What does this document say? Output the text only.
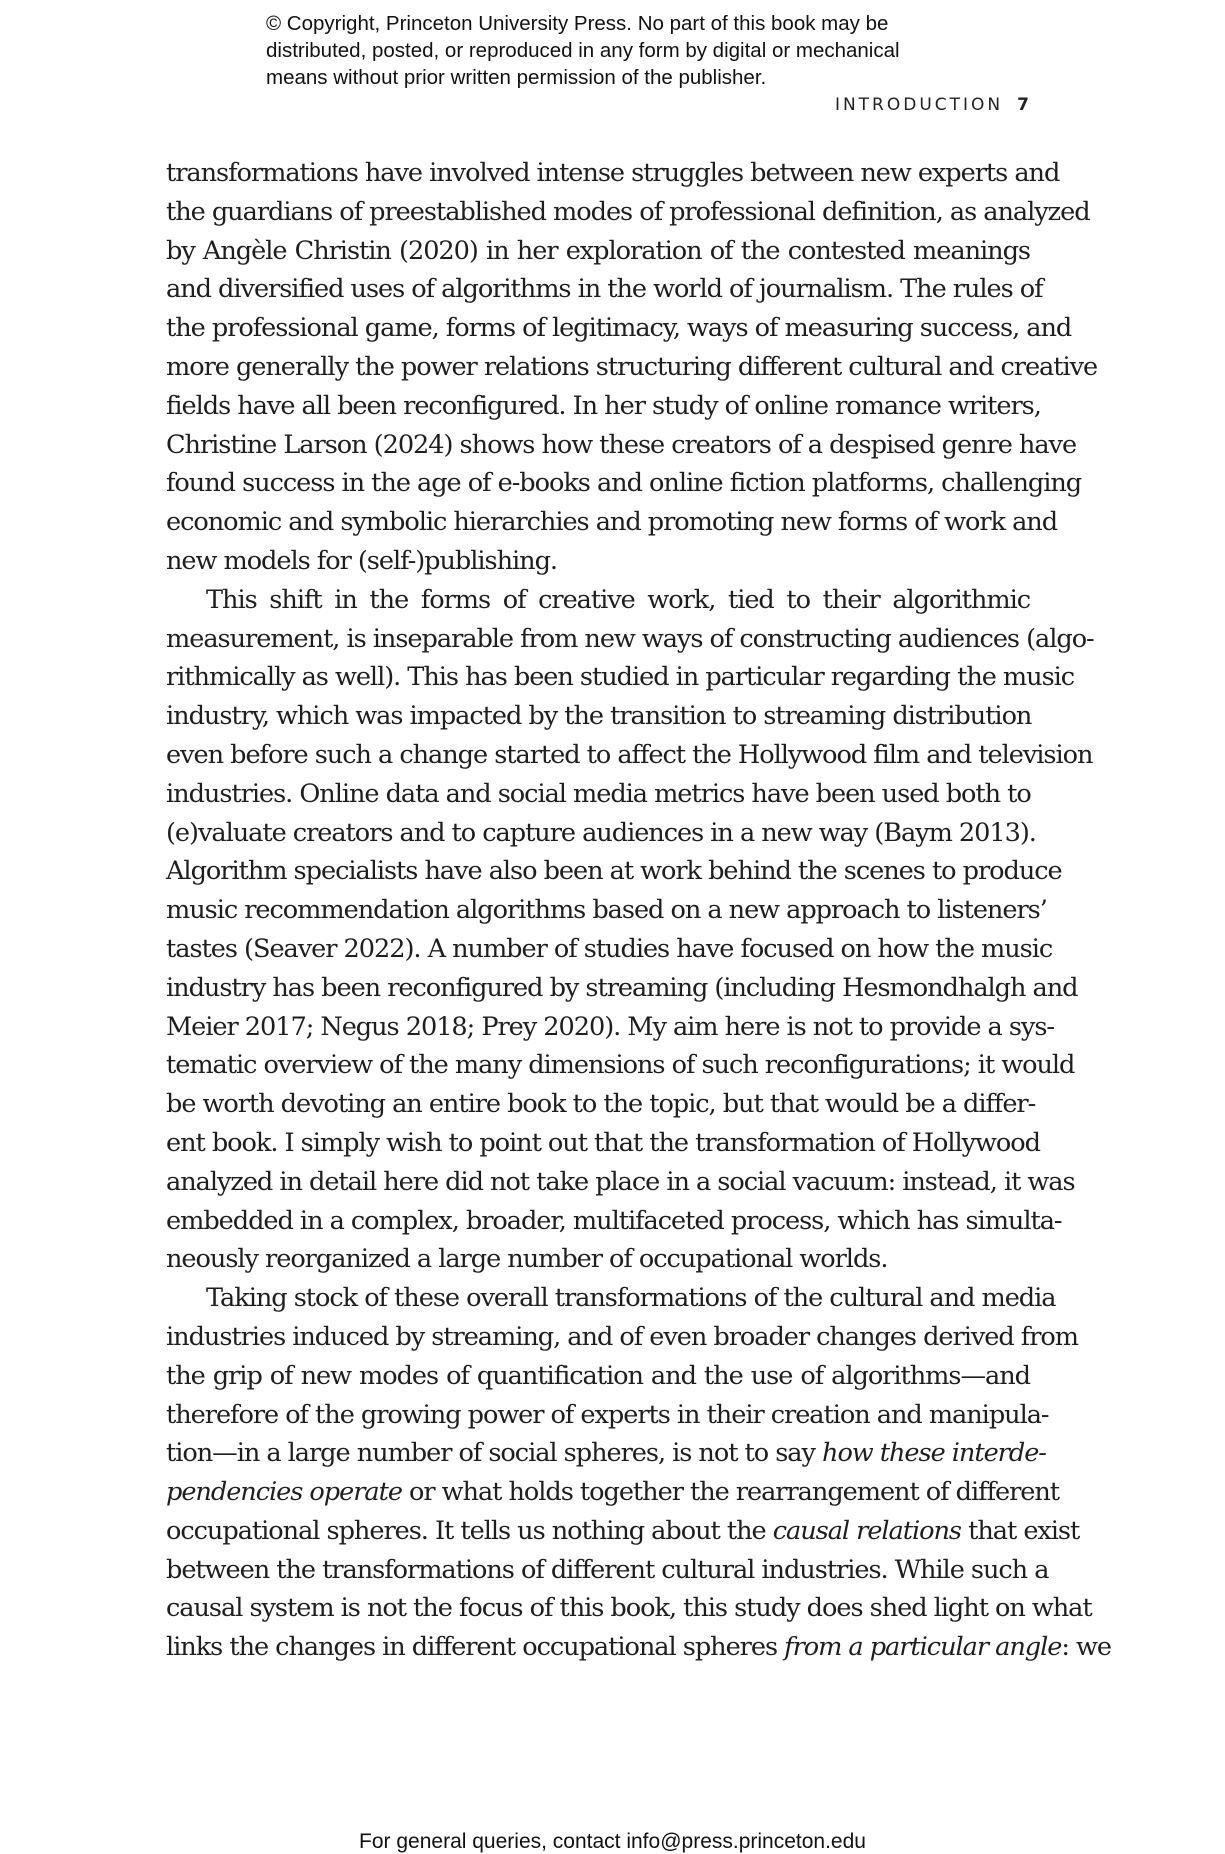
© Copyright, Princeton University Press. No part of this book may be
distributed, posted, or reproduced in any form by digital or mechanical
means without prior written permission of the publisher.
INTRODUCTION 7
transformations have involved intense struggles between new experts and
the guardians of preestablished modes of professional definition, as analyzed
by Angèle Christin (2020) in her exploration of the contested meanings
and diversified uses of algorithms in the world of journalism. The rules of
the professional game, forms of legitimacy, ways of measuring success, and
more generally the power relations structuring different cultural and creative
fields have all been reconfigured. In her study of online romance writers,
Christine Larson (2024) shows how these creators of a despised genre have
found success in the age of e-books and online fiction platforms, challenging
economic and symbolic hierarchies and promoting new forms of work and
new models for (self-)publishing.
This shift in the forms of creative work, tied to their algorithmic
measurement, is inseparable from new ways of constructing audiences (algo-
rithmically as well). This has been studied in particular regarding the music
industry, which was impacted by the transition to streaming distribution
even before such a change started to affect the Hollywood film and television
industries. Online data and social media metrics have been used both to
(e)valuate creators and to capture audiences in a new way (Baym 2013).
Algorithm specialists have also been at work behind the scenes to produce
music recommendation algorithms based on a new approach to listeners’
tastes (Seaver 2022). A number of studies have focused on how the music
industry has been reconfigured by streaming (including Hesmondhalgh and
Meier 2017; Negus 2018; Prey 2020). My aim here is not to provide a sys-
tematic overview of the many dimensions of such reconfigurations; it would
be worth devoting an entire book to the topic, but that would be a differ-
ent book. I simply wish to point out that the transformation of Hollywood
analyzed in detail here did not take place in a social vacuum: instead, it was
embedded in a complex, broader, multifaceted process, which has simulta-
neously reorganized a large number of occupational worlds.
Taking stock of these overall transformations of the cultural and media
industries induced by streaming, and of even broader changes derived from
the grip of new modes of quantification and the use of algorithms—and
therefore of the growing power of experts in their creation and manipula-
tion—in a large number of social spheres, is not to say how these interde-
pendencies operate or what holds together the rearrangement of different
occupational spheres. It tells us nothing about the causal relations that exist
between the transformations of different cultural industries. While such a
causal system is not the focus of this book, this study does shed light on what
links the changes in different occupational spheres from a particular angle: we
For general queries, contact info@press.princeton.edu
